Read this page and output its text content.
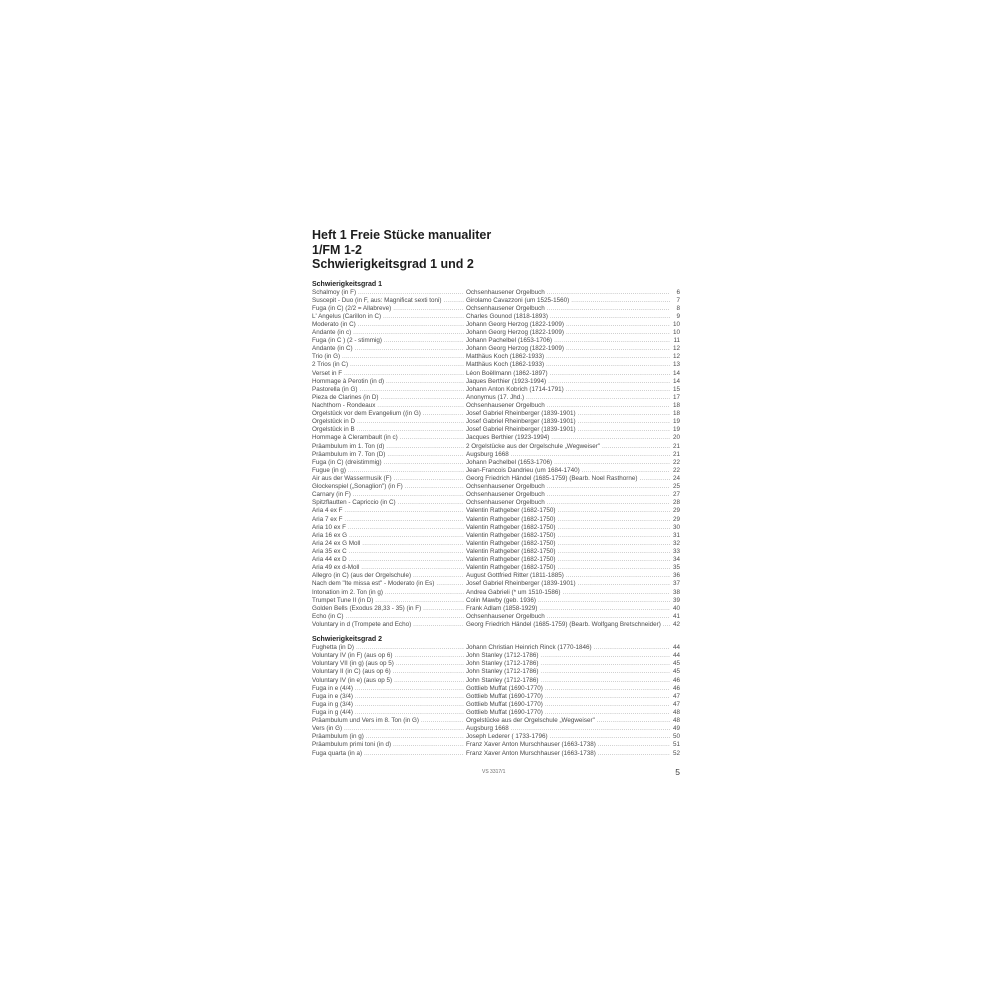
Heft 1 Freie Stücke manualiter
1/FM 1-2
Schwierigkeitsgrad 1 und 2
Schwierigkeitsgrad 1
Schalmoy (in F) .....	Ochsenhausener Orgelbuch .....	6
Suscepit - Duo (in F, aus: Magnificat sexti toni) .....	Girolamo Cavazzoni (um 1525-1560) .....	7
Fuga (in C) (2/2 = Allabreve) .....	Ochsenhausener Orgelbuch .....	8
L' Angelus (Carillon in C) .....	Charles Gounod (1818-1893) .....	9
Moderato (in C) .....	Johann Georg Herzog (1822-1909) .....	10
Andante (in c) .....	Johann Georg Herzog (1822-1909) .....	10
Fuga (in C ) (2 - stimmig) .....	Johann Pachelbel (1653-1706) .....	11
Andante (in C) .....	Johann Georg Herzog (1822-1909) .....	12
Trio (in G) .....	Matthäus Koch (1862-1933) .....	12
2 Trios (in C) .....	Matthäus Koch (1862-1933) .....	13
Verset in F .....	Léon Boëllmann (1862-1897) .....	14
Hommage à Perotin (in d) .....	Jaques Berthier (1923-1994) .....	14
Pastorella (in G) .....	Johann Anton Kobrich (1714-1791) .....	15
Pieza de Clarines (in D) .....	Anonymus (17. Jhd.) .....	17
Nachthorn - Rondeaux .....	Ochsenhausener Orgelbuch .....	18
Orgelstück vor dem Evangelium ((in G) .....	Josef Gabriel Rheinberger (1839-1901) .....	18
Orgelstück in D .....	Josef Gabriel Rheinberger (1839-1901) .....	19
Orgelstück in B .....	Josef Gabriel Rheinberger (1839-1901) .....	19
Hommage à Clerambault (in c) .....	Jacques Berthier (1923-1994) .....	20
Präambulum im 1. Ton (d) .....	2 Orgelstücke aus der Orgelschule „Wegweiser" .....	21
Präambulum im 7. Ton (D) .....	Augsburg 1668 .....	21
Fuga (in C) (dreistimmig) .....	Johann Pachelbel (1653-1706) .....	22
Fugue (in g) .....	Jean-Francois Dandrieu (um 1684-1740) .....	22
Air aus der Wassermusik (F) .....	Georg Friedrich Händel (1685-1759) (Bearb. Noel Rasthorne) .....	24
Glockenspiel („Sonaglion") (in F) .....	Ochsenhausener Orgelbuch .....	25
Carnary (in F) .....	Ochsenhausener Orgelbuch .....	27
Spitzflautten - Capriccio (in C) .....	Ochsenhausener Orgelbuch .....	28
Aria 4 ex F .....	Valentin Rathgeber (1682-1750) .....	29
Aria 7 ex F .....	Valentin Rathgeber (1682-1750) .....	29
Aria 10 ex F .....	Valentin Rathgeber (1682-1750) .....	30
Aria 16 ex G .....	Valentin Rathgeber (1682-1750) .....	31
Aria 24 ex G Moll .....	Valentin Rathgeber (1682-1750) .....	32
Aria 35 ex C .....	Valentin Rathgeber (1682-1750) .....	33
Aria 44 ex D .....	Valentin Rathgeber (1682-1750) .....	34
Aria 49 ex d-Moll .....	Valentin Rathgeber (1682-1750) .....	35
Allegro (in C) (aus der Orgelschule) .....	August Gottfried Ritter (1811-1885) .....	36
Nach dem "Ite missa est" - Moderato (in Es) .....	Josef Gabriel Rheinberger (1839-1901) .....	37
Intonation im 2. Ton (in g) .....	Andrea Gabrieli (* um 1510-1586) .....	38
Trumpet Tune II (in D) .....	Colin Mawby (geb. 1936) .....	39
Golden Bells (Exodus 28,33 - 35) (in F) .....	Frank Adlam (1858-1929) .....	40
Echo (in C) .....	Ochsenhausener Orgelbuch .....	41
Voluntary in d (Trompete and Echo) .....	Georg Friedrich Händel (1685-1759) (Bearb. Wolfgang Bretschneider) .....	42
Schwierigkeitsgrad 2
Fughetta (in D) .....	Johann Christian Heinrich Rinck (1770-1846) .....	44
Voluntary IV (in F) (aus op 6) .....	John Stanley (1712-1786) .....	44
Voluntary VII (in g) (aus op 5) .....	John Stanley (1712-1786) .....	45
Voluntary II (in C) (aus op 6) .....	John Stanley (1712-1786) .....	45
Voluntary IV (in e) (aus op 5) .....	John Stanley (1712-1786) .....	46
Fuga in e (4/4) .....	Gottlieb Muffat (1690-1770) .....	46
Fuga in e (3/4) .....	Gottlieb Muffat (1690-1770) .....	47
Fuga in g (3/4) .....	Gottlieb Muffat (1690-1770) .....	47
Fuga in g (4/4) .....	Gottlieb Muffat (1690-1770) .....	48
Präambulum und Vers im 8. Ton (in G) .....	Orgelstücke aus der Orgelschule „Wegweiser" .....	48
Vers (in G) .....	Augsburg 1668 .....	49
Präambulum (in g) .....	Joseph Lederer ( 1733-1796) .....	50
Präambulum primi toni (in d) .....	Franz Xaver Anton Murschhauser (1663-1738) .....	51
Fuga quarta (in a) .....	Franz Xaver Anton Murschhauser (1663-1738) .....	52
VS 3317/1	5
